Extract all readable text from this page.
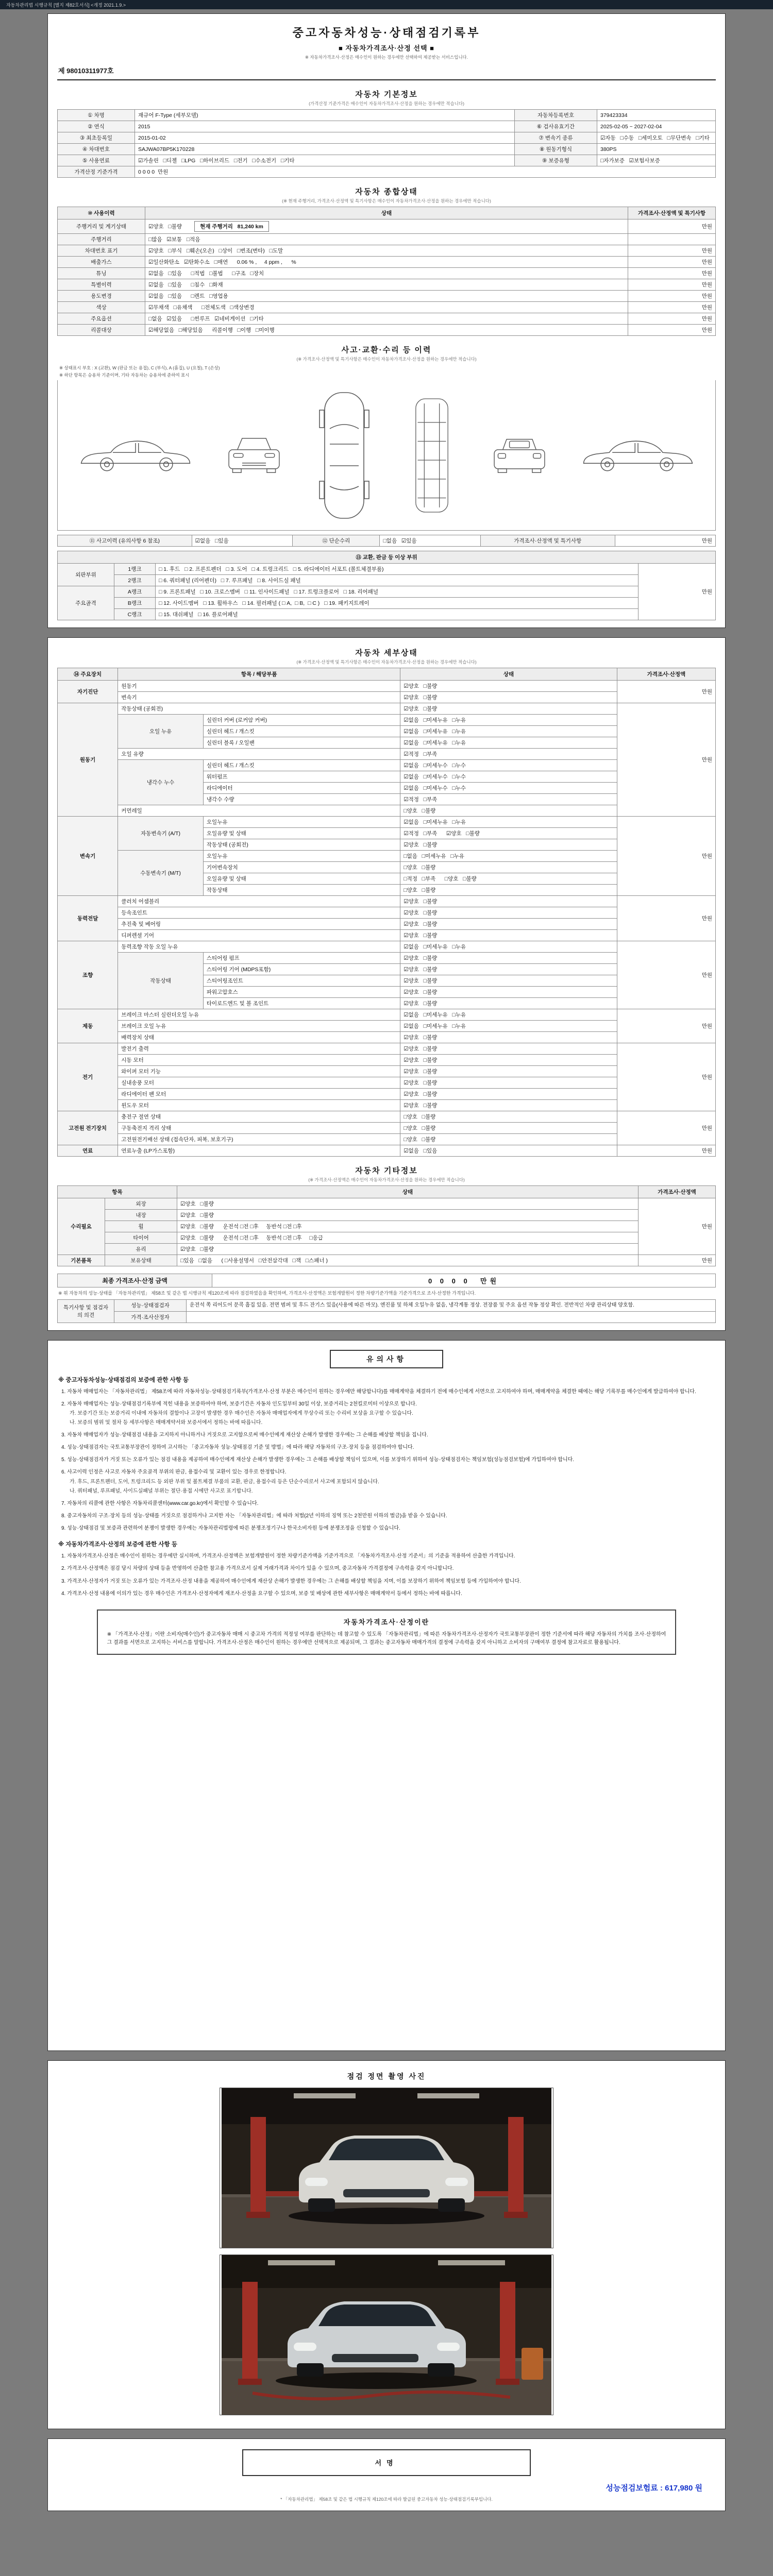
자동차관리법 시행규칙 [별지 제82호서식] <개정 2021.1.9.>
중고자동차성능·상태점검기록부
■ 자동차가격조사·산정 선택 ■
※ 자동차가격조사·산정은 매수인이 원하는 경우에만 선택하여 제공받는 서비스입니다.
제 98010311977호
자동차 기본정보
(가격산정 기준가격은 매수인이 자동차가격조사·산정을 원하는 경우에만 적습니다)
① 차명	재규어 F-Type (세부모델)	자동차등록번호	379423334
② 연식	2015	⑥ 검사유효기간	2025-02-05 ~ 2027-02-04
③ 최초등록일	2015-01-02	⑦ 변속기 종류	☑자동   □수동   □세미오토   □무단변속   □기타
④ 차대번호	SAJWA07BP5K170228	⑧ 원동기형식	380PS
⑤ 사용연료	☑가솔린   □디젤   □LPG   □하이브리드   □전기   □수소전기   □기타	⑨ 보증유형	□자가보증   ☑보험사보증
가격산정 기준가격	0 0 0 0  만원		
자동차 종합상태
(※ 현재 주행거리, 가격조사·산정액 및 특기사항은 매수인이 자동차가격조사·산정을 원하는 경우에만 적습니다)
⑩ 사용이력	상태	가격조사·산정액 및 특기사항
주행거리 및 계기상태	☑양호   □불량 현재 주행거리   81,240 km	만원
주행거리	□많음   ☑보통   □적음	
차대번호 표기	☑양호   □부식   □훼손(오손)   □상이   □변조(변타)   □도말	만원
배출가스	☑일산화탄소   ☑탄화수소   □매연      0.06 % ,     4 ppm ,      %	만원
튜닝	☑없음   □있음      □적법   □불법      □구조   □장치	만원
특별이력	☑없음   □있음      □침수   □화재	만원
용도변경	☑없음   □있음      □렌트   □영업용	만원
색상	☑무채색   □유채색      □전체도색   □색상변경	만원
주요옵션	□없음   ☑있음      □썬루프   ☑네비게이션   □기타	만원
리콜대상	☑해당없음   □해당있음      리콜이행   □이행   □미이행	만원
사고·교환·수리 등 이력
(※ 가격조사·산정액 및 특기사항은 매수인이 자동차가격조사·산정을 원하는 경우에만 적습니다)
※ 상태표시 부호 : X (교환), W (판금 또는 용접), C (부식), A (흠집), U (요철), T (손상)
※ 하단 항목은 승용차 기준이며, 기타 자동차는 승용차에 준하여 표시
⑪ 사고이력 (유의사항 6 참조)	☑없음   □있음	⑫ 단순수리	□없음   ☑있음	가격조사·산정액 및 특기사항	만원
⑬ 교환, 판금 등 이상 부위			
외판부위	1랭크	□ 1. 후드   □ 2. 프론트펜더   □ 3. 도어   □ 4. 트렁크리드   □ 5. 라디에이터 서포트 (볼트체결부품)	만원
	2랭크	□ 6. 쿼터패널 (리어펜더)   □ 7. 루프패널   □ 8. 사이드실 패널	
주요골격	A랭크	□ 9. 프론트패널   □ 10. 크로스멤버   □ 11. 인사이드패널   □ 17. 트렁크플로어   □ 18. 리어패널	
	B랭크	□ 12. 사이드멤버   □ 13. 휠하우스   □ 14. 필러패널 ( □ A,  □ B,  □ C )   □ 19. 패키지트레이	
	C랭크	□ 15. 대쉬패널   □ 16. 플로어패널	
자동차 세부상태
(※ 가격조사·산정액 및 특기사항은 매수인이 자동차가격조사·산정을 원하는 경우에만 적습니다)
⑭ 주요장치	항목 / 해당부품		상태	가격조사·산정액
자기진단	원동기		☑양호   □불량	만원
	변속기		☑양호   □불량	
원동기	작동상태 (공회전)		☑양호   □불량	만원
	오일 누유	실린더 커버 (로커암 커버)	☑없음   □미세누유   □누유	
		실린더 헤드 / 개스킷	☑없음   □미세누유   □누유	
		실린더 블록 / 오일팬	☑없음   □미세누유   □누유	
	오일 유량		☑적정   □부족	
	냉각수 누수	실린더 헤드 / 개스킷	☑없음   □미세누수   □누수	
		워터펌프	☑없음   □미세누수   □누수	
		라디에이터	☑없음   □미세누수   □누수	
		냉각수 수량	☑적정   □부족	
	커먼레일		□양호   □불량	
변속기	자동변속기 (A/T)	오일누유	☑없음   □미세누유   □누유	만원
		오일유량 및 상태	☑적정   □부족      ☑양호   □불량	
		작동상태 (공회전)	☑양호   □불량	
	수동변속기 (M/T)	오일누유	□없음   □미세누유   □누유	
		기어변속장치	□양호   □불량	
		오일유량 및 상태	□적정   □부족      □양호   □불량	
		작동상태	□양호   □불량	
동력전달	클러치 어셈블리		☑양호   □불량	만원
	등속조인트		☑양호   □불량	
	추진축 및 베어링		☑양호   □불량	
	디퍼렌셜 기어		☑양호   □불량	
조향	동력조향 작동 오일 누유		☑없음   □미세누유   □누유	만원
	작동상태	스티어링 펌프	☑양호   □불량	
		스티어링 기어 (MDPS포함)	☑양호   □불량	
		스티어링조인트	☑양호   □불량	
		파워고압호스	☑양호   □불량	
		타이로드엔드 및 볼 조인트	☑양호   □불량	
제동	브레이크 마스터 실린더오일 누유		☑없음   □미세누유   □누유	만원
	브레이크 오일 누유		☑없음   □미세누유   □누유	
	배력장치 상태		☑양호   □불량	
전기	발전기 출력		☑양호   □불량	만원
	시동 모터		☑양호   □불량	
	와이퍼 모터 기능		☑양호   □불량	
	실내송풍 모터		☑양호   □불량	
	라디에이터 팬 모터		☑양호   □불량	
	윈도우 모터		☑양호   □불량	
고전원 전기장치	충전구 절연 상태		□양호   □불량	만원
	구동축전지 격리 상태		□양호   □불량	
	고전원전기배선 상태 (접속단자, 피복, 보호기구)		□양호   □불량	
연료	연료누출 (LP가스포함)		☑없음   □있음	만원
자동차 기타정보
(※ 가격조사·산정액은 매수인이 자동차가격조사·산정을 원하는 경우에만 적습니다)
항목		상태	가격조사·산정액
수리필요	외장	☑양호   □불량	만원
	내장	☑양호   □불량	
	휠	☑양호   □불량      운전석 □전 □후     동반석 □전 □후	
	타이어	☑양호   □불량      운전석 □전 □후     동반석 □전 □후     □응급	
	유리	☑양호   □불량	
기본품목	보유상태	□있음   □없음      ( □사용설명서   □안전삼각대   □잭   □스패너 )	만원
최종 가격조사·산정 금액	0 0 0 0  만원
※ 위 자동차의 성능·상태를 「자동차관리법」 제58조 및 같은 법 시행규칙 제120조에 따라 점검하였음을 확인하며, 가격조사·산정액은 보험개발원이 정한 차량기준가액을 기준가격으로 조사·산정한 가격입니다.
특기사항 및 점검자의 의견	성능·상태점검자	운전석 쪽 리어도어 문콕 흠집 있음. 전면 범퍼 및 후드 잔기스 있음(사용에 따른 마모). 엔진룸 및 하체 오일누유 없음, 냉각계통 정상. 전장품 및 주요 옵션 작동 정상 확인. 전반적인 차량 관리상태 양호함.
	가격·조사산정자	
유의사항
※ 중고자동차성능·상태점검의 보증에 관한 사항 등
1. 자동차 매매업자는 「자동차관리법」 제58조에 따라 자동차성능·상태점검기록부(가격조사·산정 부분은 매수인이 원하는 경우에만 해당합니다)를 매매계약을 체결하기 전에 매수인에게 서면으로 고지하여야 하며, 매매계약을 체결한 때에는 해당 기록부를 매수인에게 발급하여야 합니다.
2. 자동차 매매업자는 성능·상태점검기록부에 적힌 내용을 보증하여야 하며, 보증기간은 자동차 인도일부터 30일 이상, 보증거리는 2천킬로미터 이상으로 합니다.
가. 보증기간 또는 보증거리 이내에 자동차의 결함이나 고장이 발생한 경우 매수인은 자동차 매매업자에게 무상수리 또는 수리비 보상을 요구할 수 있습니다.
나. 보증의 범위 및 절차 등 세부사항은 매매계약서와 보증서에서 정하는 바에 따릅니다.
3. 자동차 매매업자가 성능·상태점검 내용을 고지하지 아니하거나 거짓으로 고지함으로써 매수인에게 재산상 손해가 발생한 경우에는 그 손해를 배상할 책임을 집니다.
4. 성능·상태점검자는 국토교통부장관이 정하여 고시하는 「중고자동차 성능·상태점검 기준 및 방법」에 따라 해당 자동차의 구조·장치 등을 점검하여야 합니다.
5. 성능·상태점검자가 거짓 또는 오류가 있는 점검 내용을 제공하여 매수인에게 재산상 손해가 발생한 경우에는 그 손해를 배상할 책임이 있으며, 이를 보장하기 위하여 성능·상태점검자는 책임보험(성능점검보험)에 가입하여야 합니다.
6. 사고이력 인정은 사고로 자동차 주요골격 부위의 판금, 용접수리 및 교환이 있는 경우로 한정합니다.
가. 후드, 프론트펜더, 도어, 트렁크리드 등 외판 부위 및 볼트체결 부품의 교환, 판금, 용접수리 등은 단순수리로서 사고에 포함되지 않습니다.
나. 쿼터패널, 루프패널, 사이드실패널 부위는 절단·용접 시에만 사고로 표기합니다.
7. 자동차의 리콜에 관한 사항은 자동차리콜센터(www.car.go.kr)에서 확인할 수 있습니다.
8. 중고자동차의 구조·장치 등의 성능·상태를 거짓으로 점검하거나 고지한 자는 「자동차관리법」에 따라 처벌(2년 이하의 징역 또는 2천만원 이하의 벌금)을 받을 수 있습니다.
9. 성능·상태점검 및 보증과 관련하여 분쟁이 발생한 경우에는 자동차관리법령에 따른 분쟁조정기구나 한국소비자원 등에 분쟁조정을 신청할 수 있습니다.
※ 자동차가격조사·산정의 보증에 관한 사항 등
1. 자동차가격조사·산정은 매수인이 원하는 경우에만 실시하며, 가격조사·산정액은 보험개발원이 정한 차량기준가액을 기준가격으로 「자동차가격조사·산정 기준서」의 기준을 적용하여 산출한 가격입니다.
2. 가격조사·산정액은 점검 당시 차량의 상태 등을 반영하여 산출한 참고용 가격으로서 실제 거래가격과 차이가 있을 수 있으며, 중고자동차 가격결정에 구속력을 갖지 아니합니다.
3. 가격조사·산정자가 거짓 또는 오류가 있는 가격조사·산정 내용을 제공하여 매수인에게 재산상 손해가 발생한 경우에는 그 손해를 배상할 책임을 지며, 이를 보장하기 위하여 책임보험 등에 가입하여야 합니다.
4. 가격조사·산정 내용에 이의가 있는 경우 매수인은 가격조사·산정자에게 재조사·산정을 요구할 수 있으며, 보증 및 배상에 관한 세부사항은 매매계약서 등에서 정하는 바에 따릅니다.
자동차가격조사·산정이란
※ 「가격조사·산정」이란 소비자(매수인)가 중고자동차 매매 시 중고차 가격의 적정성 여부를 판단하는 데 참고할 수 있도록 「자동차관리법」에 따른 자동차가격조사·산정자가 국토교통부장관이 정한 기준서에 따라 해당 자동차의 가치를 조사·산정하여 그 결과를 서면으로 고지하는 서비스를 말합니다. 가격조사·산정은 매수인이 원하는 경우에만 선택적으로 제공되며, 그 결과는 중고자동차 매매가격의 결정에 구속력을 갖지 아니하고 소비자의 구매여부 결정에 참고자료로 활용됩니다.
점검 정면 촬영 사진
서명
성능점검보험료 : 617,980 원
* 「자동차관리법」 제58조 및 같은 법 시행규칙 제120조에 따라 발급된 중고자동차 성능·상태점검기록부입니다.
